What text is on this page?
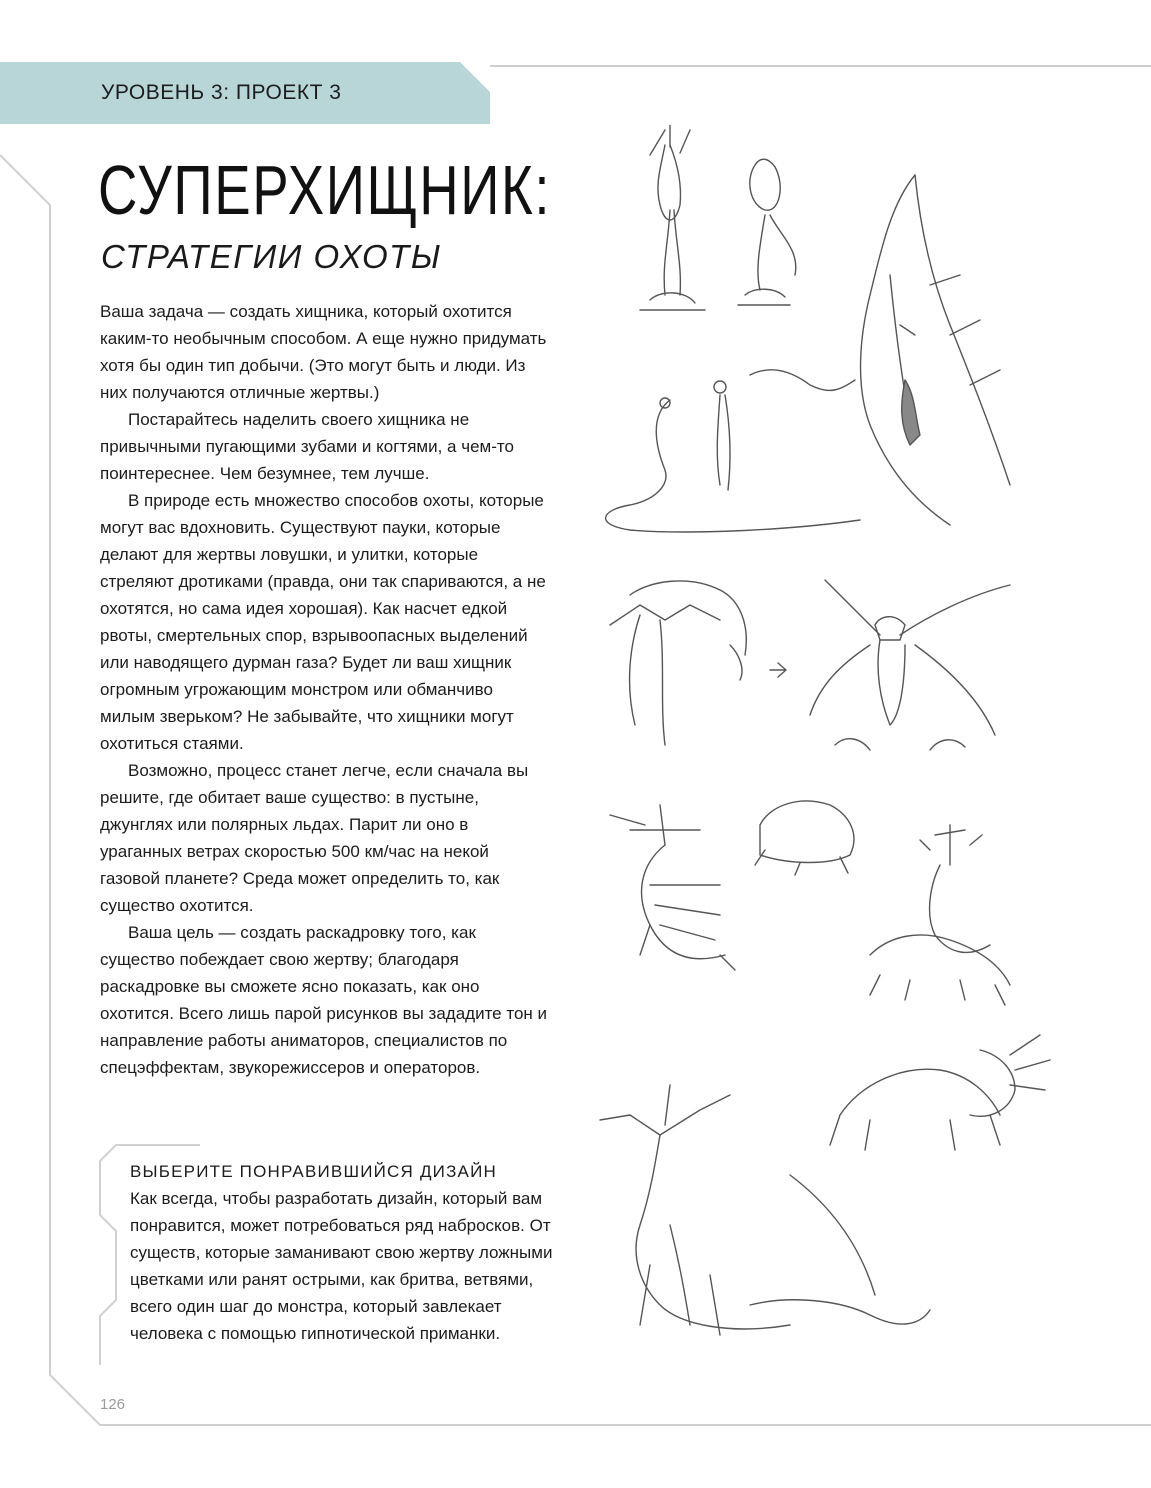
УРОВЕНЬ 3: ПРОЕКТ 3
СУПЕРХИЩНИК:
СТРАТЕГИИ ОХОТЫ

Ваша задача — создать хищника, который охотится каким-то необычным способом. А еще нужно придумать хотя бы один тип добычи. (Это могут быть и люди. Из них получаются отличные жертвы.)

Постарайтесь наделить своего хищника не привычными пугающими зубами и когтями, а чем-то поинтереснее. Чем безумнее, тем лучше.

В природе есть множество способов охоты, которые могут вас вдохновить. Существуют пауки, которые делают для жертвы ловушки, и улитки, которые стреляют дротиками (правда, они так спариваются, а не охотятся, но сама идея хорошая). Как насчет едкой рвоты, смертельных спор, взрывоопасных выделений или наводящего дурман газа? Будет ли ваш хищник огромным угрожающим монстром или обманчиво милым зверьком? Не забывайте, что хищники могут охотиться стаями.

Возможно, процесс станет легче, если сначала вы решите, где обитает ваше существо: в пустыне, джунглях или полярных льдах. Парит ли оно в ураганных ветрах скоростью 500 км/час на некой газовой планете? Среда может определить то, как существо охотится.

Ваша цель — создать раскадровку того, как существо побеждает свою жертву; благодаря раскадровке вы сможете ясно показать, как оно охотится. Всего лишь парой рисунков вы зададите тон и направление работы аниматоров, специалистов по спецэффектам, звукорежиссеров и операторов.

ВЫБЕРИТЕ ПОНРАВИВШИЙСЯ ДИЗАЙН

Как всегда, чтобы разработать дизайн, который вам понравится, может потребоваться ряд набросков. От существ, которые заманивают свою жертву ложными цветками или ранят острыми, как бритва, ветвями, всего один шаг до монстра, который завлекает человека с помощью гипнотической приманки.

126
